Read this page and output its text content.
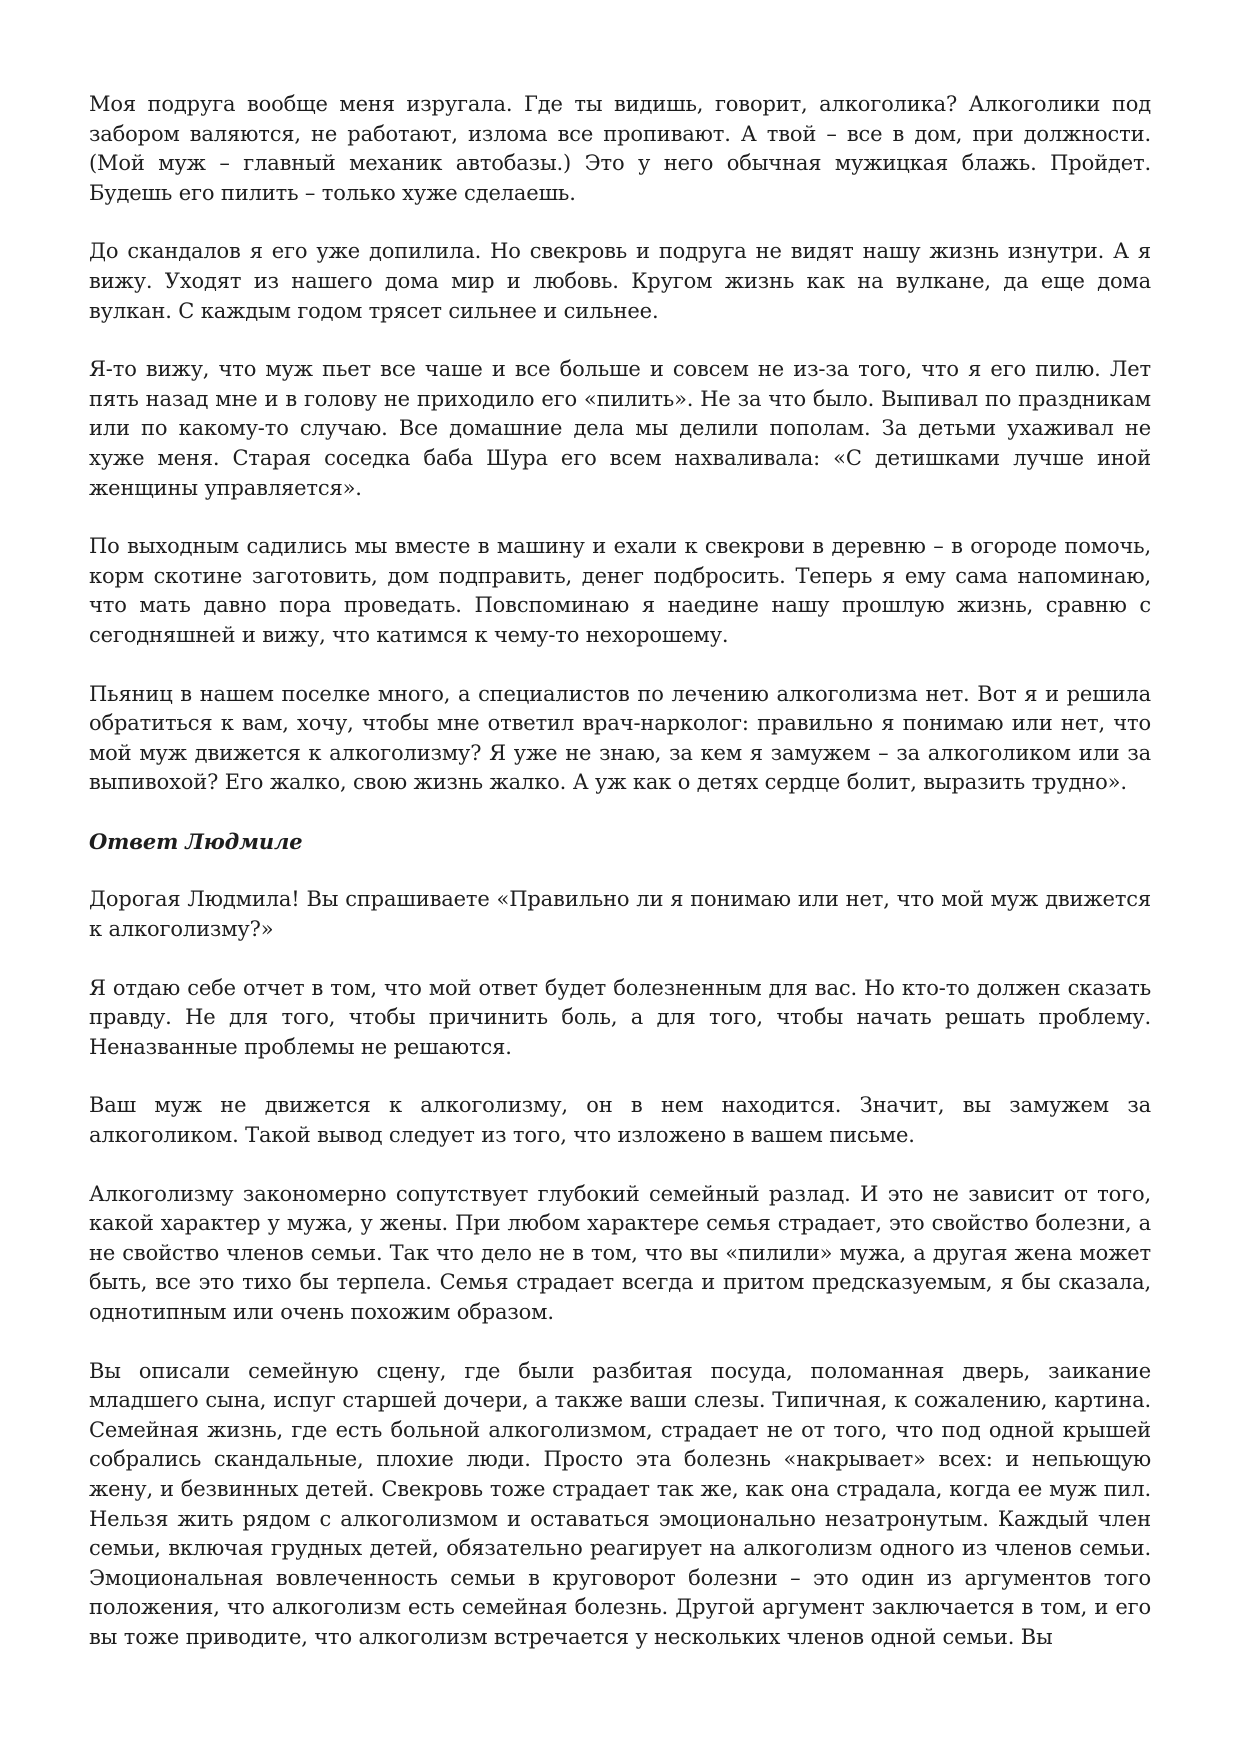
Моя подруга вообще меня изругала. Где ты видишь, говорит, алкоголика? Алкоголики под забором валяются, не работают, излома все пропивают. А твой – все в дом, при должности. (Мой муж – главный механик автобазы.) Это у него обычная мужицкая блажь. Пройдет. Будешь его пилить – только хуже сделаешь.

До скандалов я его уже допилила. Но свекровь и подруга не видят нашу жизнь изнутри. А я вижу. Уходят из нашего дома мир и любовь. Кругом жизнь как на вулкане, да еще дома вулкан. С каждым годом трясет сильнее и сильнее.

Я-то вижу, что муж пьет все чаше и все больше и совсем не из-за того, что я его пилю. Лет пять назад мне и в голову не приходило его «пилить». Не за что было. Выпивал по праздникам или по какому-то случаю. Все домашние дела мы делили пополам. За детьми ухаживал не хуже меня. Старая соседка баба Шура его всем нахваливала: «С детишками лучше иной женщины управляется».

По выходным садились мы вместе в машину и ехали к свекрови в деревню – в огороде помочь, корм скотине заготовить, дом подправить, денег подбросить. Теперь я ему сама напоминаю, что мать давно пора проведать. Повспоминаю я наедине нашу прошлую жизнь, сравню с сегодняшней и вижу, что катимся к чему-то нехорошему.

Пьяниц в нашем поселке много, а специалистов по лечению алкоголизма нет. Вот я и решила обратиться к вам, хочу, чтобы мне ответил врач-нарколог: правильно я понимаю или нет, что мой муж движется к алкоголизму? Я уже не знаю, за кем я замужем – за алкоголиком или за выпивохой? Его жалко, свою жизнь жалко. А уж как о детях сердце болит, выразить трудно».

Ответ Людмиле

Дорогая Людмила! Вы спрашиваете «Правильно ли я понимаю или нет, что мой муж движется к алкоголизму?»

Я отдаю себе отчет в том, что мой ответ будет болезненным для вас. Но кто-то должен сказать правду. Не для того, чтобы причинить боль, а для того, чтобы начать решать проблему. Неназванные проблемы не решаются.

Ваш муж не движется к алкоголизму, он в нем находится. Значит, вы замужем за алкоголиком. Такой вывод следует из того, что изложено в вашем письме.

Алкоголизму закономерно сопутствует глубокий семейный разлад. И это не зависит от того, какой характер у мужа, у жены. При любом характере семья страдает, это свойство болезни, а не свойство членов семьи. Так что дело не в том, что вы «пилили» мужа, а другая жена может быть, все это тихо бы терпела. Семья страдает всегда и притом предсказуемым, я бы сказала, однотипным или очень похожим образом.

Вы описали семейную сцену, где были разбитая посуда, поломанная дверь, заикание младшего сына, испуг старшей дочери, а также ваши слезы. Типичная, к сожалению, картина. Семейная жизнь, где есть больной алкоголизмом, страдает не от того, что под одной крышей собрались скандальные, плохие люди. Просто эта болезнь «накрывает» всех: и непьющую жену, и безвинных детей. Свекровь тоже страдает так же, как она страдала, когда ее муж пил. Нельзя жить рядом с алкоголизмом и оставаться эмоционально незатронутым. Каждый член семьи, включая грудных детей, обязательно реагирует на алкоголизм одного из членов семьи. Эмоциональная вовлеченность семьи в круговорот болезни – это один из аргументов того положения, что алкоголизм есть семейная болезнь. Другой аргумент заключается в том, и его вы тоже приводите, что алкоголизм встречается у нескольких членов одной семьи. Вы
